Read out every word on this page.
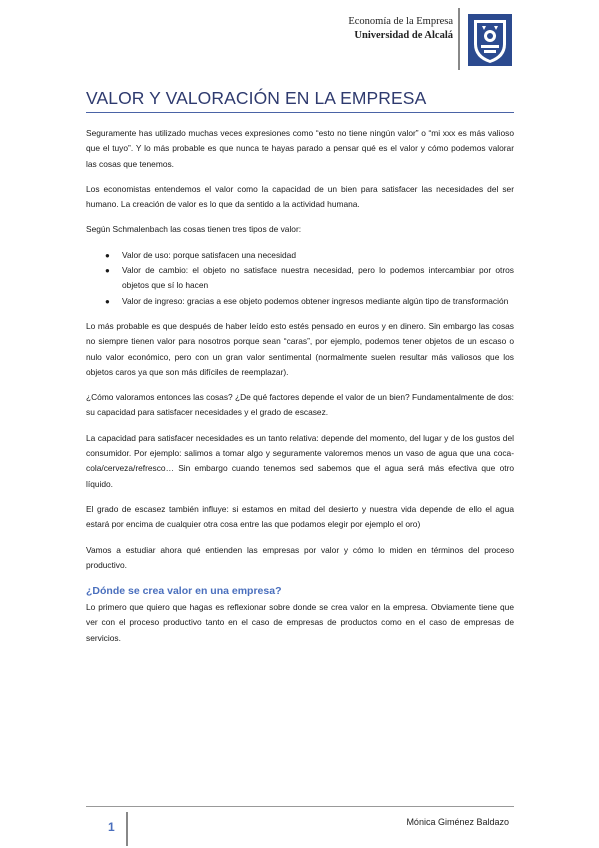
Economía de la Empresa
Universidad de Alcalá
VALOR Y VALORACIÓN EN LA EMPRESA

Seguramente has utilizado muchas veces expresiones como “esto no tiene ningún valor” o “mi xxx es más valioso que el tuyo”. Y lo más probable es que nunca te hayas parado a pensar qué es el valor y cómo podemos valorar las cosas que tenemos.

Los economistas entendemos el valor como la capacidad de un bien para satisfacer las necesidades del ser humano. La creación de valor es lo que da sentido a la actividad humana.

Según Schmalenbach las cosas tienen tres tipos de valor:

● Valor de uso: porque satisfacen una necesidad
● Valor de cambio: el objeto no satisface nuestra necesidad, pero lo podemos intercambiar por otros objetos que sí lo hacen
● Valor de ingreso: gracias a ese objeto podemos obtener ingresos mediante algún tipo de transformación

Lo más probable es que después de haber leído esto estés pensado en euros y en dinero. Sin embargo las cosas no siempre tienen valor para nosotros porque sean “caras”, por ejemplo, podemos tener objetos de un escaso o nulo valor económico, pero con un gran valor sentimental (normalmente suelen resultar más valiosos que los objetos caros ya que son más difíciles de reemplazar).

¿Cómo valoramos entonces las cosas? ¿De qué factores depende el valor de un bien? Fundamentalmente de dos: su capacidad para satisfacer necesidades y el grado de escasez.

La capacidad para satisfacer necesidades es un tanto relativa: depende del momento, del lugar y de los gustos del consumidor. Por ejemplo: salimos a tomar algo y seguramente valoremos menos un vaso de agua que una coca-cola/cerveza/refresco… Sin embargo cuando tenemos sed sabemos que el agua será más efectiva que otro líquido.

El grado de escasez también influye: si estamos en mitad del desierto y nuestra vida depende de ello el agua estará por encima de cualquier otra cosa entre las que podamos elegir por ejemplo el oro)

Vamos a estudiar ahora qué entienden las empresas por valor y cómo lo miden en términos del proceso productivo.

¿Dónde se crea valor en una empresa?

Lo primero que quiero que hagas es reflexionar sobre donde se crea valor en la empresa. Obviamente tiene que ver con el proceso productivo tanto en el caso de empresas de productos como en el caso de empresas de servicios.

1	Mónica Giménez Baldazo
